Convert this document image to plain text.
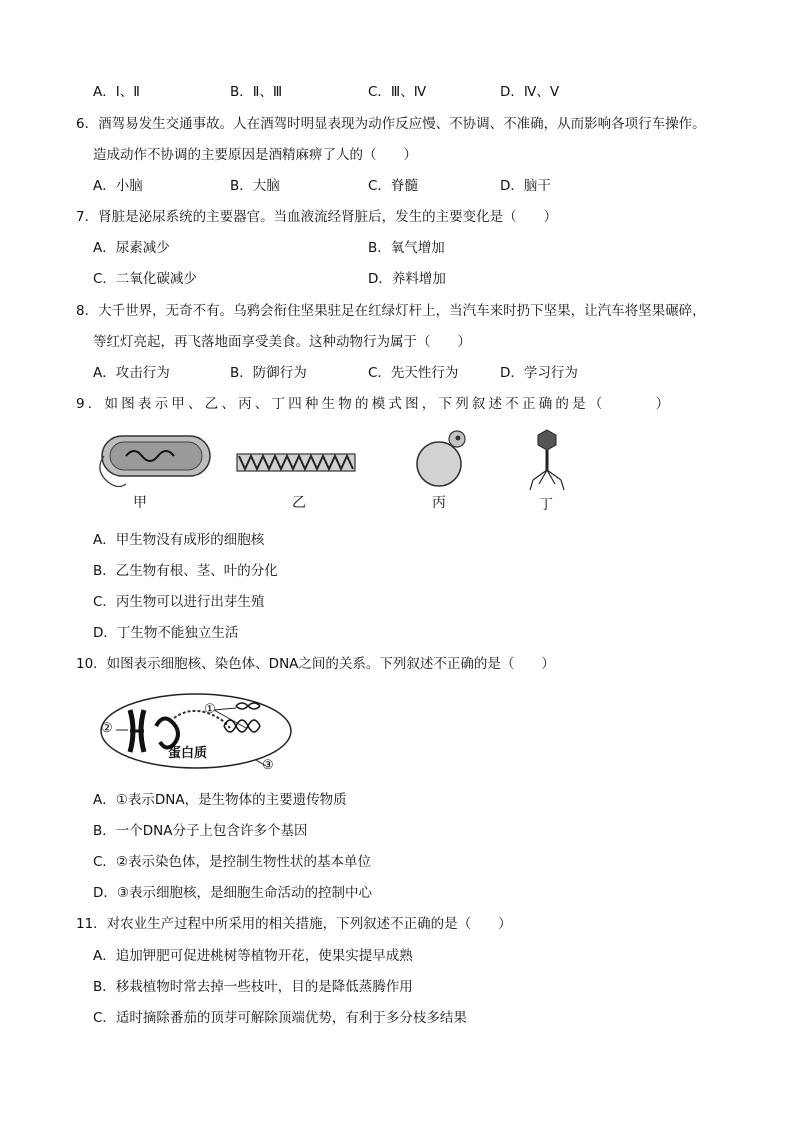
A．Ⅰ、Ⅱ	B．Ⅱ、Ⅲ	C．Ⅲ、Ⅳ	D．Ⅳ、Ⅴ
6．酒驾易发生交通事故。人在酒驾时明显表现为动作反应慢、不协调、不准确，从而影响各项行车操作。
造成动作不协调的主要原因是酒精麻痹了人的（　　）
A．小脑	B．大脑	C．脊髓	D．脑干
7．肾脏是泌尿系统的主要器官。当血液流经肾脏后，发生的主要变化是（　　）
A．尿素减少	B．氧气增加
C．二氧化碳减少	D．养料增加
8．大千世界，无奇不有。乌鸦会衔住坚果驻足在红绿灯杆上，当汽车来时扔下坚果，让汽车将坚果碾碎，
等红灯亮起，再飞落地面享受美食。这种动物行为属于（　　）
A．攻击行为	B．防御行为	C．先天性行为	D．学习行为
9．如图表示甲、乙、丙、丁四种生物的模式图，下列叙述不正确的是（　　　）
甲	乙	丙	丁
A．甲生物没有成形的细胞核
B．乙生物有根、茎、叶的分化
C．丙生物可以进行出芽生殖
D．丁生物不能独立生活
10．如图表示细胞核、染色体、DNA之间的关系。下列叙述不正确的是（　　）
①
②
③
蛋白质
A．①表示DNA，是生物体的主要遗传物质
B．一个DNA分子上包含许多个基因
C．②表示染色体，是控制生物性状的基本单位
D．③表示细胞核，是细胞生命活动的控制中心
11．对农业生产过程中所采用的相关措施，下列叙述不正确的是（　　）
A．追加钾肥可促进桃树等植物开花，使果实提早成熟
B．移栽植物时常去掉一些枝叶，目的是降低蒸腾作用
C．适时摘除番茄的顶芽可解除顶端优势，有利于多分枝多结果
